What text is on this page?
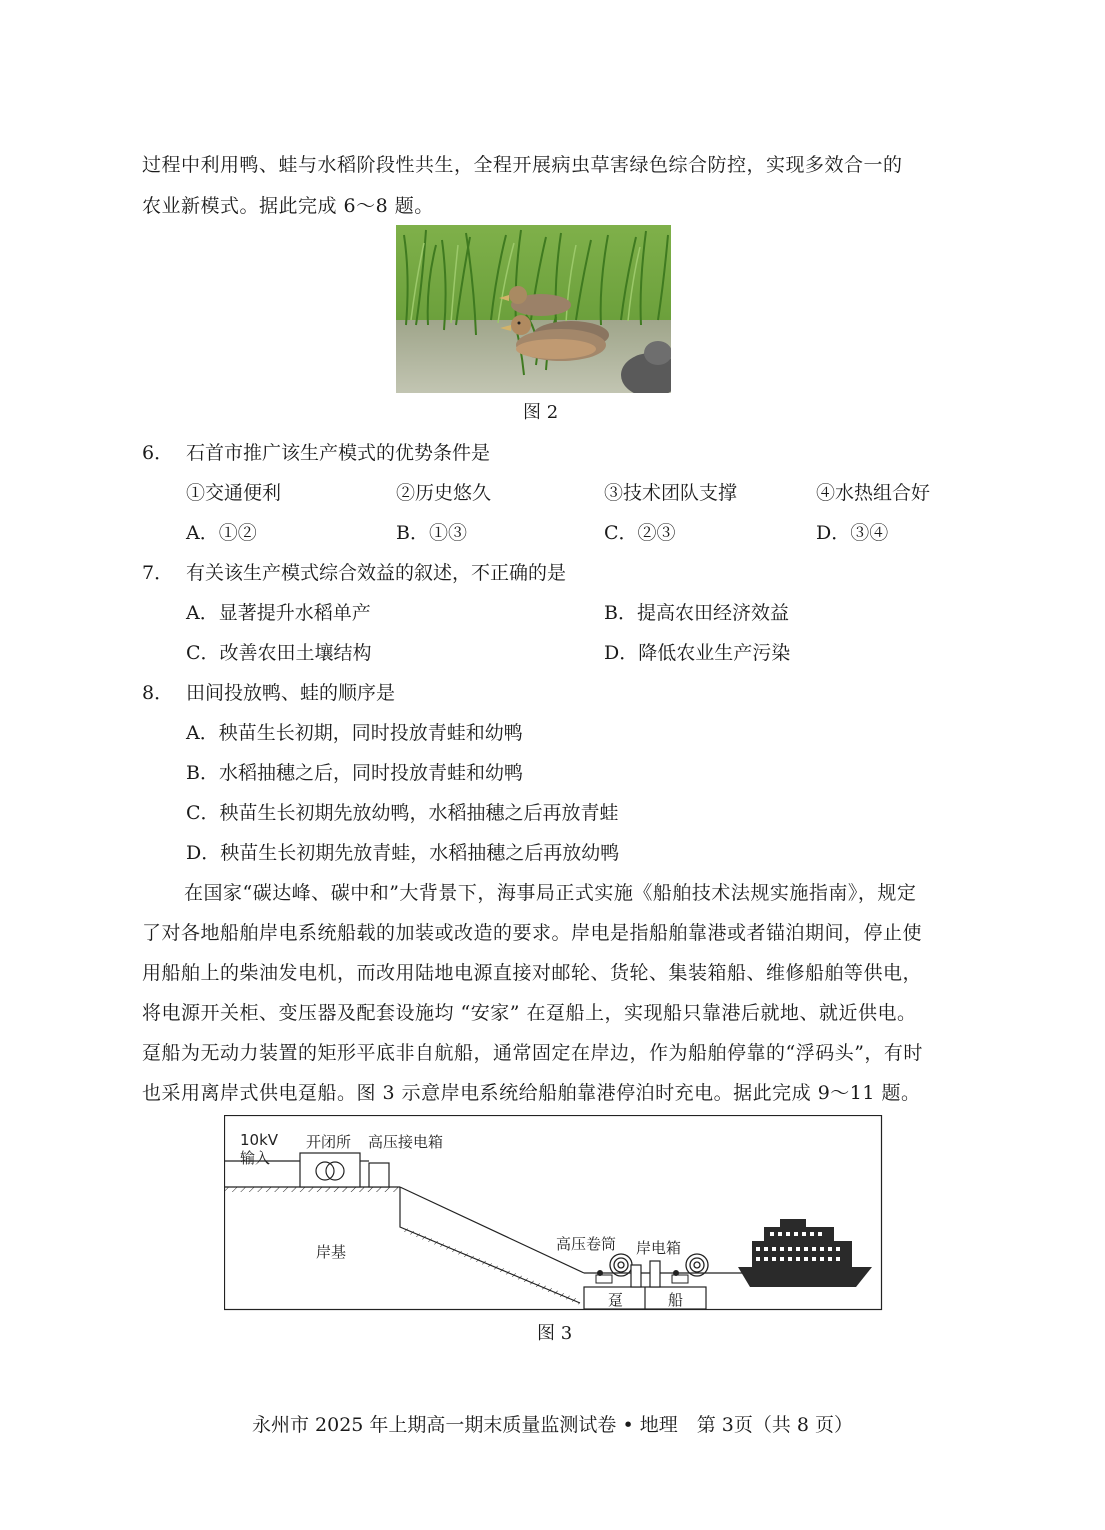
过程中利用鸭、蛙与水稻阶段性共生，全程开展病虫草害绿色综合防控，实现多效合一的
农业新模式。据此完成 6～8 题。
图 2
6． 石首市推广该生产模式的优势条件是
①交通便利	②历史悠久	③技术团队支撑	④水热组合好
A．①②	B．①③	C．②③	D．③④
7． 有关该生产模式综合效益的叙述，不正确的是
A．显著提升水稻单产	B．提高农田经济效益
C．改善农田土壤结构	D．降低农业生产污染
8． 田间投放鸭、蛙的顺序是
A．秧苗生长初期，同时投放青蛙和幼鸭
B．水稻抽穗之后，同时投放青蛙和幼鸭
C．秧苗生长初期先放幼鸭，水稻抽穗之后再放青蛙
D．秧苗生长初期先放青蛙，水稻抽穗之后再放幼鸭
在国家“碳达峰、碳中和”大背景下，海事局正式实施《船舶技术法规实施指南》，规定
了对各地船舶岸电系统船载的加装或改造的要求。岸电是指船舶靠港或者锚泊期间，停止使
用船舶上的柴油发电机，而改用陆地电源直接对邮轮、货轮、集装箱船、维修船舶等供电，
将电源开关柜、变压器及配套设施均 “安家” 在趸船上，实现船只靠港后就地、就近供电。
趸船为无动力装置的矩形平底非自航船，通常固定在岸边，作为船舶停靠的“浮码头”，有时
也采用离岸式供电趸船。图 3 示意岸电系统给船舶靠港停泊时充电。据此完成 9～11 题。
10kV
输入
开闭所 高压接电箱
岸基	高压卷筒 岸电箱
趸	船
图 3
永州市 2025 年上期高一期末质量监测试卷 • 地理　第 3页（共 8 页）
